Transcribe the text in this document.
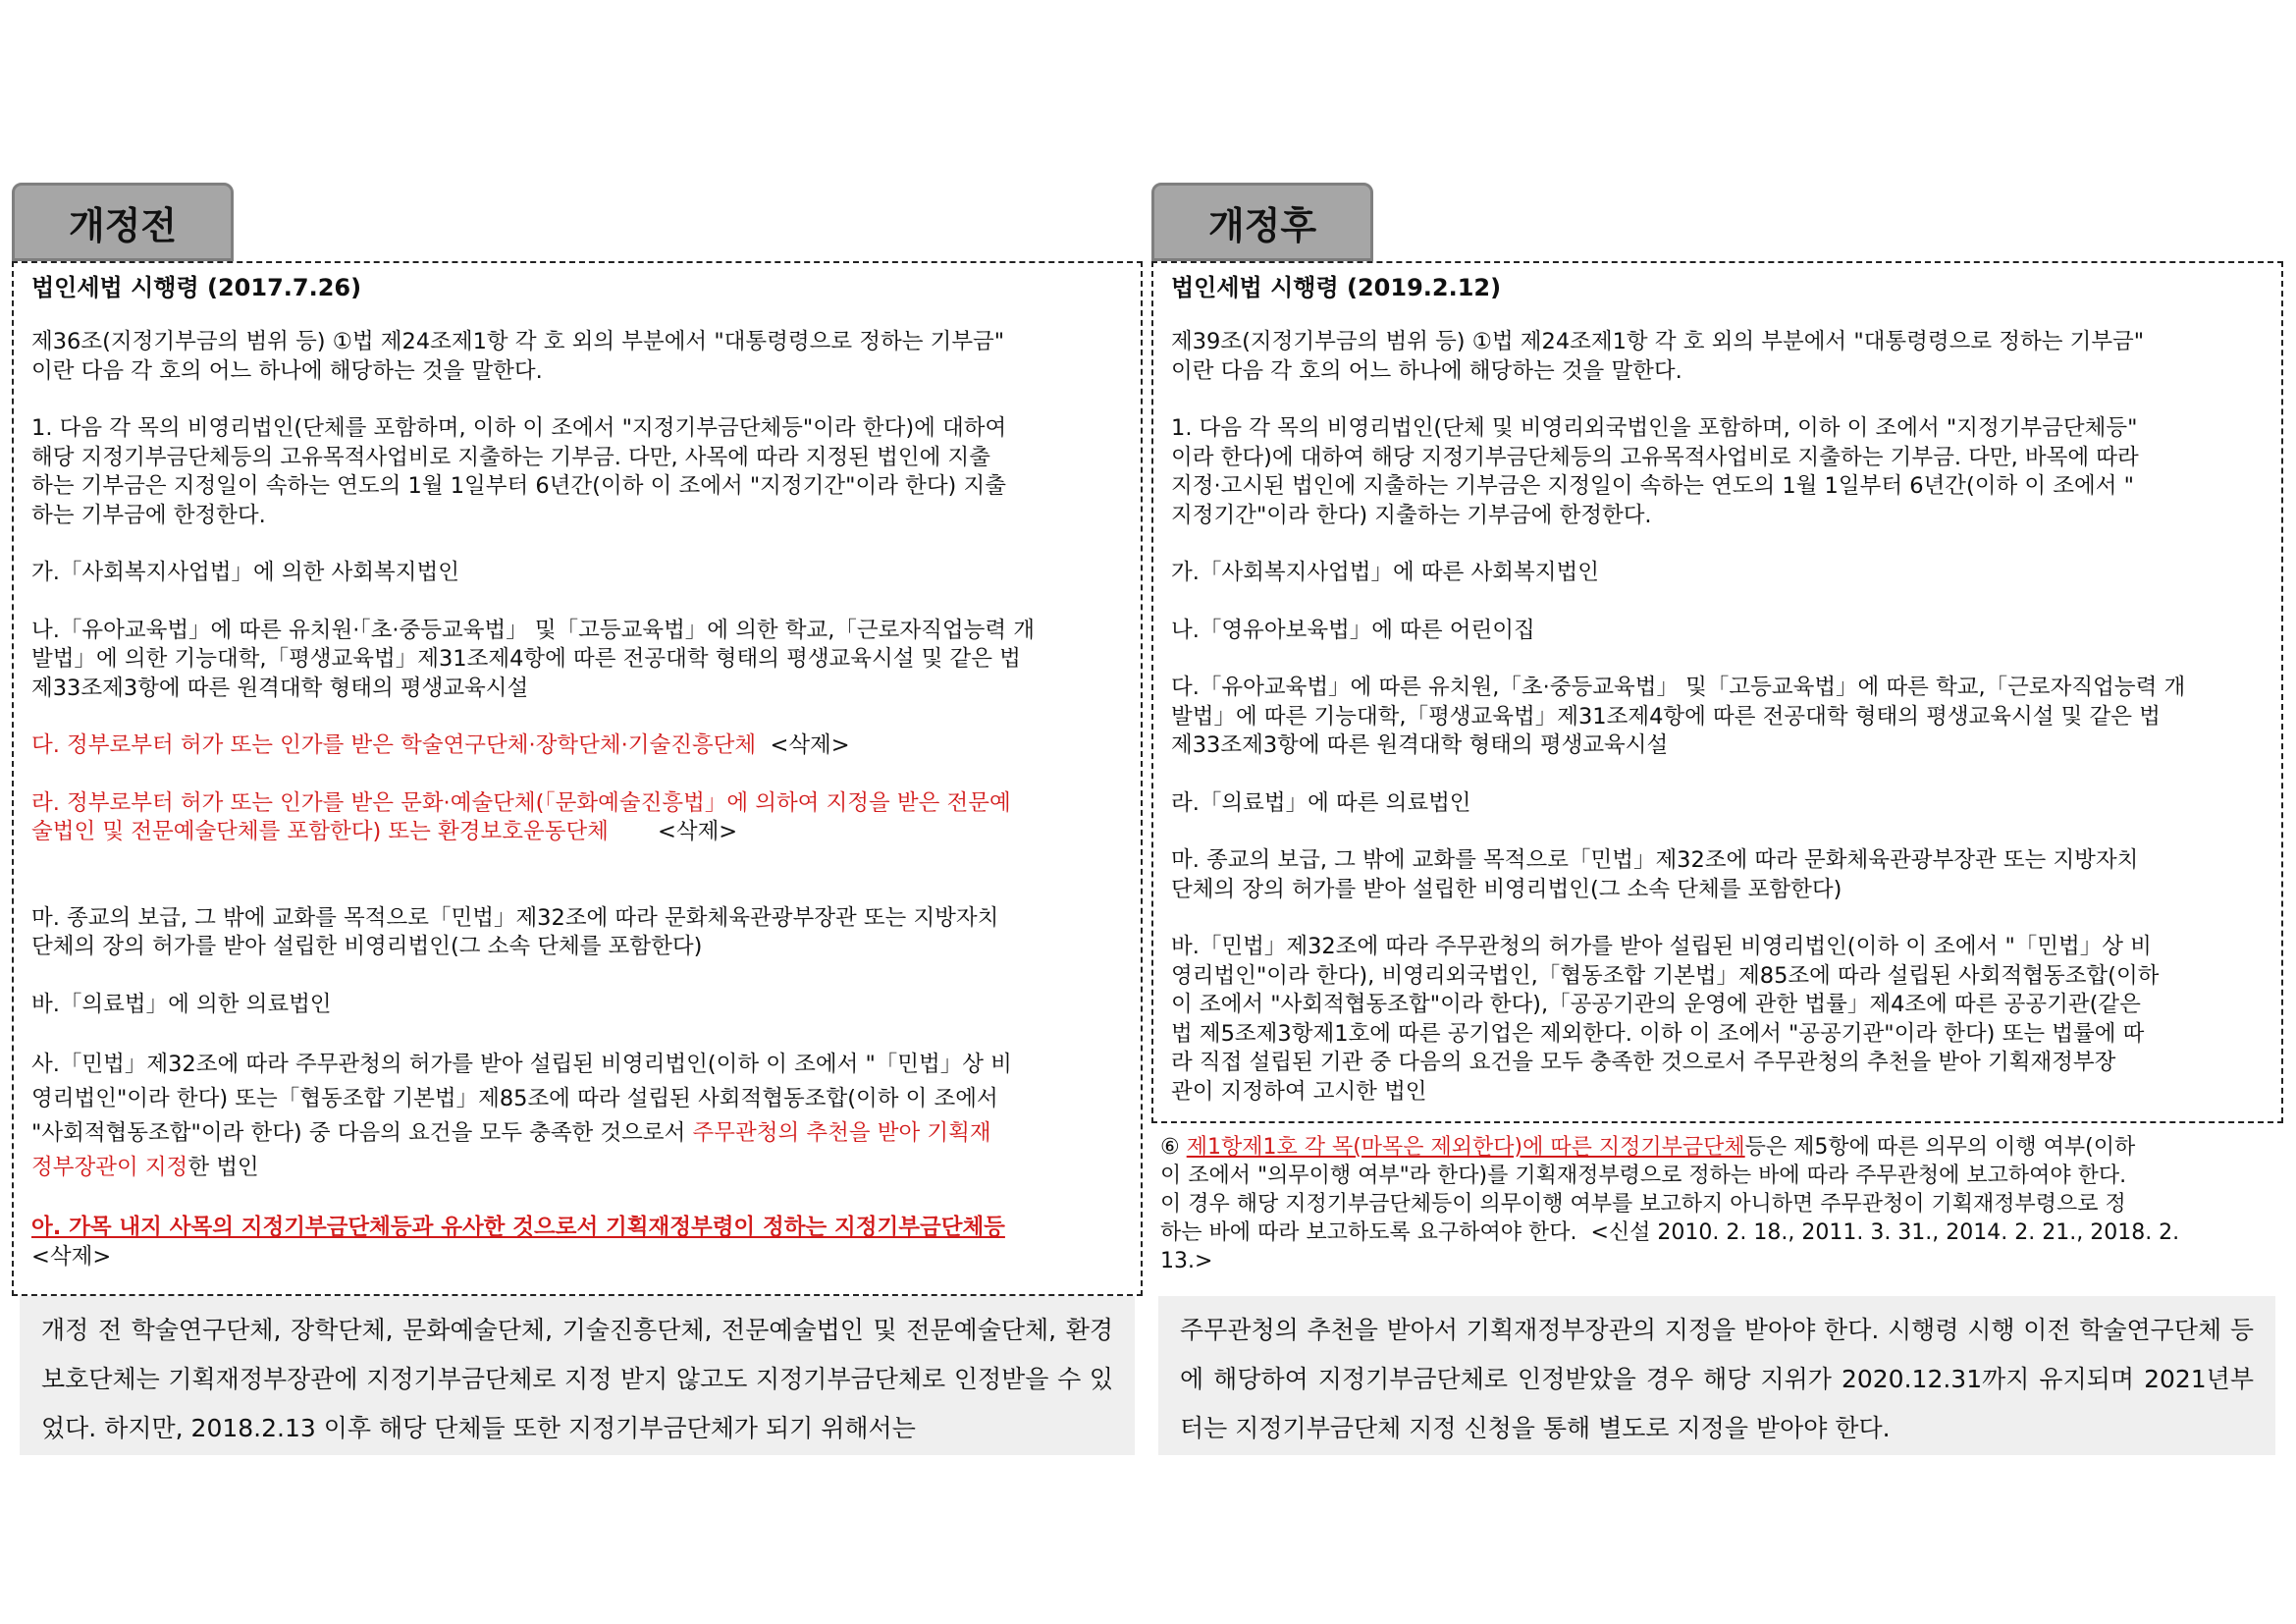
개정전
법인세법 시행령 (2017.7.26)

제36조(지정기부금의 범위 등) ①법 제24조제1항 각 호 외의 부분에서 "대통령령으로 정하는 기부금"
이란 다음 각 호의 어느 하나에 해당하는 것을 말한다.

1. 다음 각 목의 비영리법인(단체를 포함하며, 이하 이 조에서 "지정기부금단체등"이라 한다)에 대하여
해당 지정기부금단체등의 고유목적사업비로 지출하는 기부금. 다만, 사목에 따라 지정된 법인에 지출
하는 기부금은 지정일이 속하는 연도의 1월 1일부터 6년간(이하 이 조에서 "지정기간"이라 한다) 지출
하는 기부금에 한정한다.

가.「사회복지사업법」에 의한 사회복지법인

나.「유아교육법」에 따른 유치원·「초·중등교육법」 및「고등교육법」에 의한 학교,「근로자직업능력 개
발법」에 의한 기능대학,「평생교육법」제31조제4항에 따른 전공대학 형태의 평생교육시설 및 같은 법
제33조제3항에 따른 원격대학 형태의 평생교육시설

다. 정부로부터 허가 또는 인가를 받은 학술연구단체·장학단체·기술진흥단체  <삭제>

라. 정부로부터 허가 또는 인가를 받은 문화·예술단체(「문화예술진흥법」에 의하여 지정을 받은 전문예
술법인 및 전문예술단체를 포함한다) 또는 환경보호운동단체       <삭제>

마. 종교의 보급, 그 밖에 교화를 목적으로「민법」제32조에 따라 문화체육관광부장관 또는 지방자치
단체의 장의 허가를 받아 설립한 비영리법인(그 소속 단체를 포함한다)

바.「의료법」에 의한 의료법인

사.「민법」제32조에 따라 주무관청의 허가를 받아 설립된 비영리법인(이하 이 조에서 "「민법」상 비
영리법인"이라 한다) 또는「협동조합 기본법」제85조에 따라 설립된 사회적협동조합(이하 이 조에서
"사회적협동조합"이라 한다) 중 다음의 요건을 모두 충족한 것으로서 주무관청의 추천을 받아 기획재
정부장관이 지정한 법인

아. 가목 내지 사목의 지정기부금단체등과 유사한 것으로서 기획재정부령이 정하는 지정기부금단체등
<삭제>

개정 전 학술연구단체, 장학단체, 문화예술단체, 기술진흥단체, 전문예술법인 및 전문예술단체, 환경보호단체는 기획재정부장관에 지정기부금단체로 지정 받지 않고도 지정기부금단체로 인정받을 수 있었다. 하지만, 2018.2.13 이후 해당 단체들 또한 지정기부금단체가 되기 위해서는
개정후
법인세법 시행령 (2019.2.12)

제39조(지정기부금의 범위 등) ①법 제24조제1항 각 호 외의 부분에서 "대통령령으로 정하는 기부금"
이란 다음 각 호의 어느 하나에 해당하는 것을 말한다.

1. 다음 각 목의 비영리법인(단체 및 비영리외국법인을 포함하며, 이하 이 조에서 "지정기부금단체등"
이라 한다)에 대하여 해당 지정기부금단체등의 고유목적사업비로 지출하는 기부금. 다만, 바목에 따라
지정·고시된 법인에 지출하는 기부금은 지정일이 속하는 연도의 1월 1일부터 6년간(이하 이 조에서 "
지정기간"이라 한다) 지출하는 기부금에 한정한다.

가.「사회복지사업법」에 따른 사회복지법인

나.「영유아보육법」에 따른 어린이집

다.「유아교육법」에 따른 유치원,「초·중등교육법」 및「고등교육법」에 따른 학교,「근로자직업능력 개
발법」에 따른 기능대학,「평생교육법」제31조제4항에 따른 전공대학 형태의 평생교육시설 및 같은 법
제33조제3항에 따른 원격대학 형태의 평생교육시설

라.「의료법」에 따른 의료법인

마. 종교의 보급, 그 밖에 교화를 목적으로「민법」제32조에 따라 문화체육관광부장관 또는 지방자치
단체의 장의 허가를 받아 설립한 비영리법인(그 소속 단체를 포함한다)

바.「민법」제32조에 따라 주무관청의 허가를 받아 설립된 비영리법인(이하 이 조에서 "「민법」상 비
영리법인"이라 한다), 비영리외국법인,「협동조합 기본법」제85조에 따라 설립된 사회적협동조합(이하
이 조에서 "사회적협동조합"이라 한다),「공공기관의 운영에 관한 법률」제4조에 따른 공공기관(같은
법 제5조제3항제1호에 따른 공기업은 제외한다. 이하 이 조에서 "공공기관"이라 한다) 또는 법률에 따
라 직접 설립된 기관 중 다음의 요건을 모두 충족한 것으로서 주무관청의 추천을 받아 기획재정부장
관이 지정하여 고시한 법인

⑥ 제1항제1호 각 목(마목은 제외한다)에 따른 지정기부금단체등은 제5항에 따른 의무의 이행 여부(이하
이 조에서 "의무이행 여부"라 한다)를 기획재정부령으로 정하는 바에 따라 주무관청에 보고하여야 한다.
이 경우 해당 지정기부금단체등이 의무이행 여부를 보고하지 아니하면 주무관청이 기획재정부령으로 정
하는 바에 따라 보고하도록 요구하여야 한다.  <신설 2010. 2. 18., 2011. 3. 31., 2014. 2. 21., 2018. 2.
13.>

주무관청의 추천을 받아서 기획재정부장관의 지정을 받아야 한다. 시행령 시행 이전 학술연구단체 등에 해당하여 지정기부금단체로 인정받았을 경우 해당 지위가 2020.12.31까지 유지되며 2021년부터는 지정기부금단체 지정 신청을 통해 별도로 지정을 받아야 한다.
